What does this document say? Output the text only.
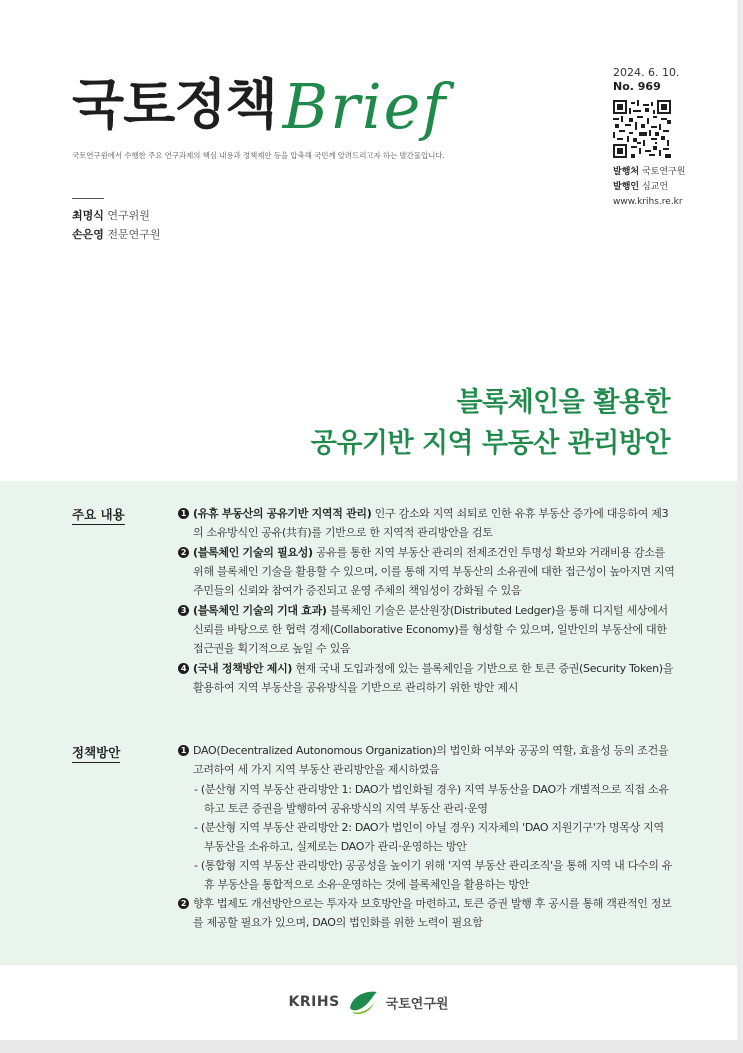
국토정책 Brief
국토연구원에서 수행한 주요 연구과제의 핵심 내용과 정책제안 등을 압축해 국민께 알려드리고자 하는 발간물입니다.
2024. 6. 10.
No. 969
발행처 국토연구원
발행인 심교언
www.krihs.re.kr
최명식 연구위원
손은영 전문연구원
블록체인을 활용한
공유기반 지역 부동산 관리방안
주요 내용	1 (유휴 부동산의 공유기반 지역적 관리) 인구 감소와 지역 쇠퇴로 인한 유휴 부동산 증가에 대응하여 제3의 소유방식인 공유(共有)를 기반으로 한 지역적 관리방안을 검토
2 (블록체인 기술의 필요성) 공유를 통한 지역 부동산 관리의 전제조건인 투명성 확보와 거래비용 감소를 위해 블록체인 기술을 활용할 수 있으며, 이를 통해 지역 부동산의 소유권에 대한 접근성이 높아지면 지역 주민들의 신뢰와 참여가 증진되고 운영 주체의 책임성이 강화될 수 있음
3 (블록체인 기술의 기대 효과) 블록체인 기술은 분산원장(Distributed Ledger)을 통해 디지털 세상에서 신뢰를 바탕으로 한 협력 경제(Collaborative Economy)를 형성할 수 있으며, 일반인의 부동산에 대한 접근권을 획기적으로 높일 수 있음
4 (국내 정책방안 제시) 현재 국내 도입과정에 있는 블록체인을 기반으로 한 토큰 증권(Security Token)을 활용하여 지역 부동산을 공유방식을 기반으로 관리하기 위한 방안 제시
정책방안	1 DAO(Decentralized Autonomous Organization)의 법인화 여부와 공공의 역할, 효율성 등의 조건을 고려하여 세 가지 지역 부동산 관리방안을 제시하였음
- (분산형 지역 부동산 관리방안 1: DAO가 법인화될 경우) 지역 부동산을 DAO가 개별적으로 직접 소유하고 토큰 증권을 발행하여 공유방식의 지역 부동산 관리·운영
- (분산형 지역 부동산 관리방안 2: DAO가 법인이 아닐 경우) 지자체의 'DAO 지원기구'가 명목상 지역 부동산을 소유하고, 실제로는 DAO가 관리·운영하는 방안
- (통합형 지역 부동산 관리방안) 공공성을 높이기 위해 '지역 부동산 관리조직'을 통해 지역 내 다수의 유휴 부동산을 통합적으로 소유·운영하는 것에 블록체인을 활용하는 방안
2 향후 법제도 개선방안으로는 투자자 보호방안을 마련하고, 토큰 증권 발행 후 공시를 통해 객관적인 정보를 제공할 필요가 있으며, DAO의 법인화를 위한 노력이 필요함
KRIHS	국토연구원
